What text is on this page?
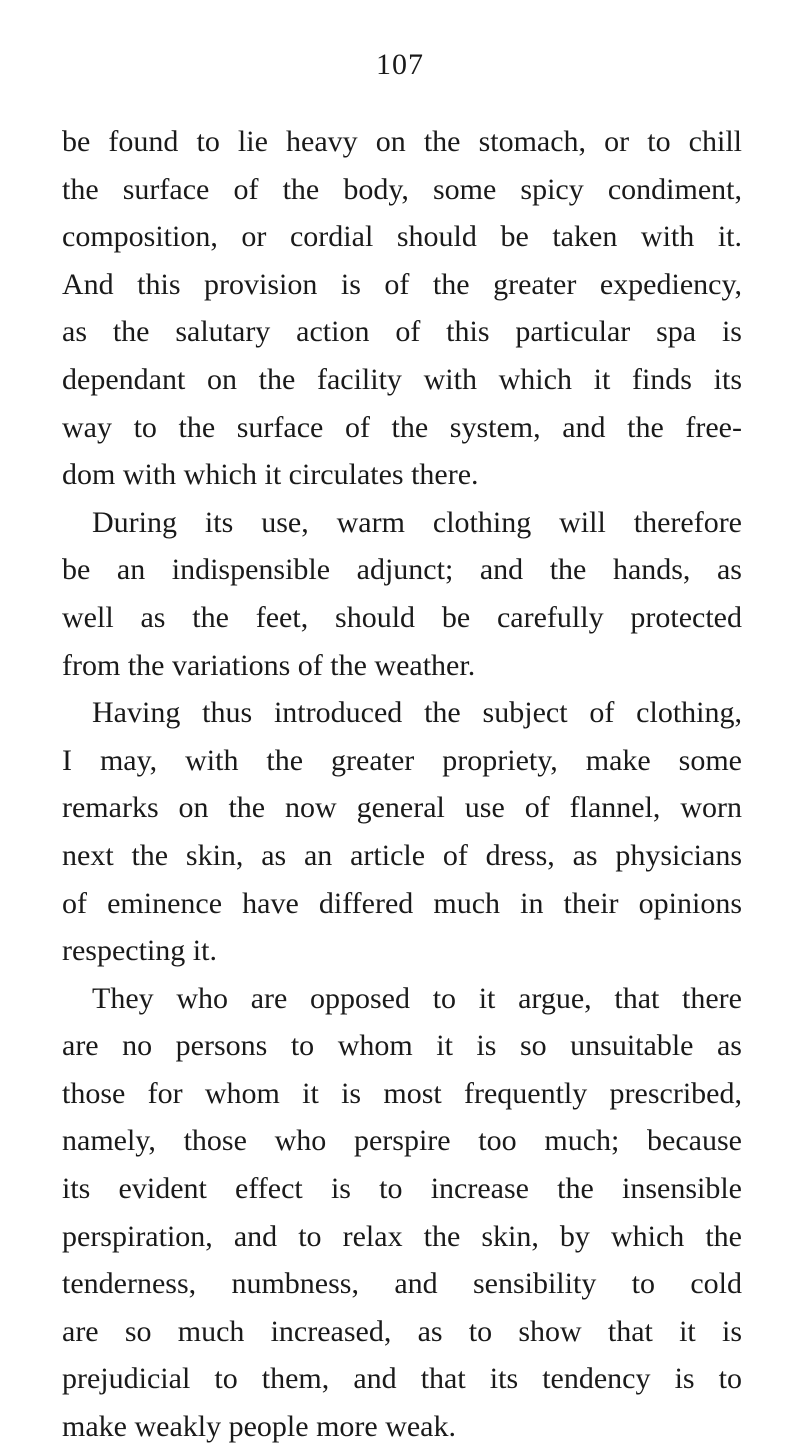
107
be found to lie heavy on the stomach, or to chill
the surface of the body, some spicy condiment,
composition, or cordial should be taken with it.
And this provision is of the greater expediency,
as the salutary action of this particular spa is
dependant on the facility with which it finds its
way to the surface of the system, and the free-
dom with which it circulates there.
During its use, warm clothing will therefore
be an indispensible adjunct; and the hands, as
well as the feet, should be carefully protected
from the variations of the weather.
Having thus introduced the subject of clothing,
I may, with the greater propriety, make some
remarks on the now general use of flannel, worn
next the skin, as an article of dress, as physicians
of eminence have differed much in their opinions
respecting it.
They who are opposed to it argue, that there
are no persons to whom it is so unsuitable as
those for whom it is most frequently prescribed,
namely, those who perspire too much; because
its evident effect is to increase the insensible
perspiration, and to relax the skin, by which the
tenderness, numbness, and sensibility to cold
are so much increased, as to show that it is
prejudicial to them, and that its tendency is to
make weakly people more weak.
